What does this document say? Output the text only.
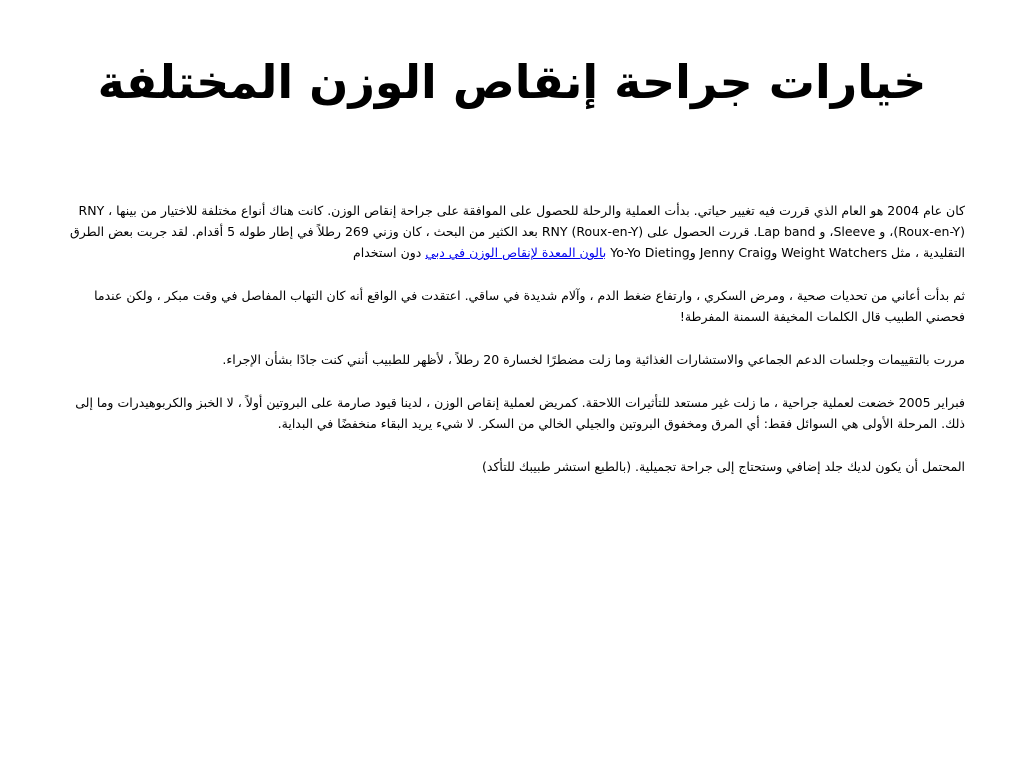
خيارات جراحة إنقاص الوزن المختلفة

كان عام 2004 هو العام الذي قررت فيه تغيير حياتي. بدأت العملية والرحلة للحصول على الموافقة على جراحة إنقاص الوزن. كانت هناك أنواع مختلفة للاختيار من بينها ، RNY (Roux-en-Y)، و Sleeve، و Lap band. قررت الحصول على RNY (Roux-en-Y) بعد الكثير من البحث ، كان وزني 269 رطلاً في إطار طوله 5 أقدام. لقد جربت بعض الطرق التقليدية ، مثل Weight Watchers وJenny Craig وYo-Yo Dieting بالون المعدة لإنقاص الوزن في دبي دون استخدام

ثم بدأت أعاني من تحديات صحية ، ومرض السكري ، وارتفاع ضغط الدم ، وآلام شديدة في ساقي. اعتقدت في الواقع أنه كان التهاب المفاصل في وقت مبكر ، ولكن عندما فحصني الطبيب قال الكلمات المخيفة السمنة المفرطة!

مررت بالتقييمات وجلسات الدعم الجماعي والاستشارات الغذائية وما زلت مضطرًا لخسارة 20 رطلاً ، لأظهر للطبيب أنني كنت جادًا بشأن الإجراء.

فبراير 2005 خضعت لعملية جراحية ، ما زلت غير مستعد للتأثيرات اللاحقة. كمريض لعملية إنقاص الوزن ، لدينا قيود صارمة على البروتين أولاً ، لا الخبز والكربوهيدرات وما إلى ذلك. المرحلة الأولى هي السوائل فقط: أي المرق ومخفوق البروتين والجيلي الخالي من السكر. لا شيء يريد البقاء منخفضًا في البداية.

المحتمل أن يكون لديك جلد إضافي وستحتاج إلى جراحة تجميلية. (بالطبع استشر طبيبك للتأكد)
